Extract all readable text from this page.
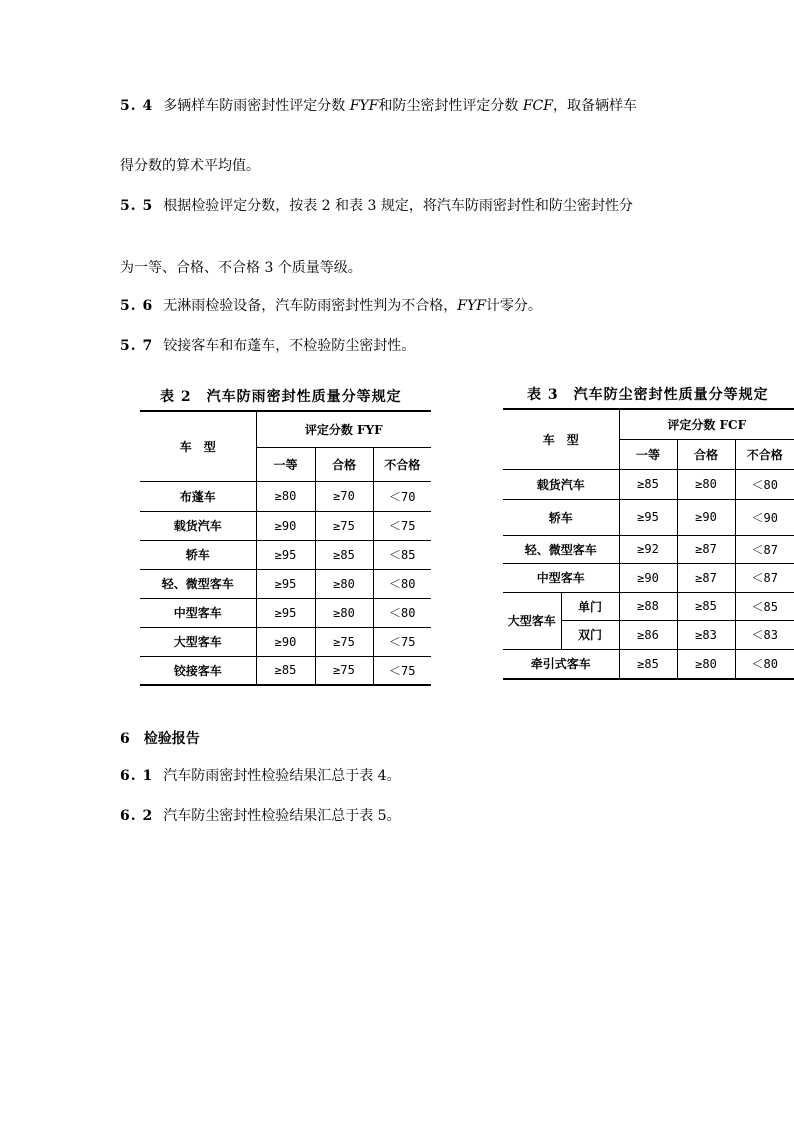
5. 4 多辆样车防雨密封性评定分数 FYF和防尘密封性评定分数 FCF，取备辆样车
得分数的算术平均值。
5. 5 根据检验评定分数，按表 2 和表 3 规定，将汽车防雨密封性和防尘密封性分
为一等、合格、不合格 3 个质量等级。
5. 6 无淋雨检验设备，汽车防雨密封性判为不合格，FYF计零分。
5. 7 铰接客车和布蓬车，不检验防尘密封性。
表 2　汽车防雨密封性质量分等规定
车　型	评定分数 FYF		
	一等	合格	不合格
布蓬车	≥80	≥70	＜70
载货汽车	≥90	≥75	＜75
轿车	≥95	≥85	＜85
轻、微型客车	≥95	≥80	＜80
中型客车	≥95	≥80	＜80
大型客车	≥90	≥75	＜75
铰接客车	≥85	≥75	＜75
表 3　汽车防尘密封性质量分等规定
车　型		评定分数 FCF		
		一等	合格	不合格
载货汽车		≥85	≥80	＜80
轿车		≥95	≥90	＜90
轻、微型客车		≥92	≥87	＜87
中型客车		≥90	≥87	＜87
大型客车	单门	≥88	≥85	＜85
	双门	≥86	≥83	＜83
牵引式客车		≥85	≥80	＜80
6　检验报告
6. 1 汽车防雨密封性检验结果汇总于表 4。
6. 2 汽车防尘密封性检验结果汇总于表 5。
